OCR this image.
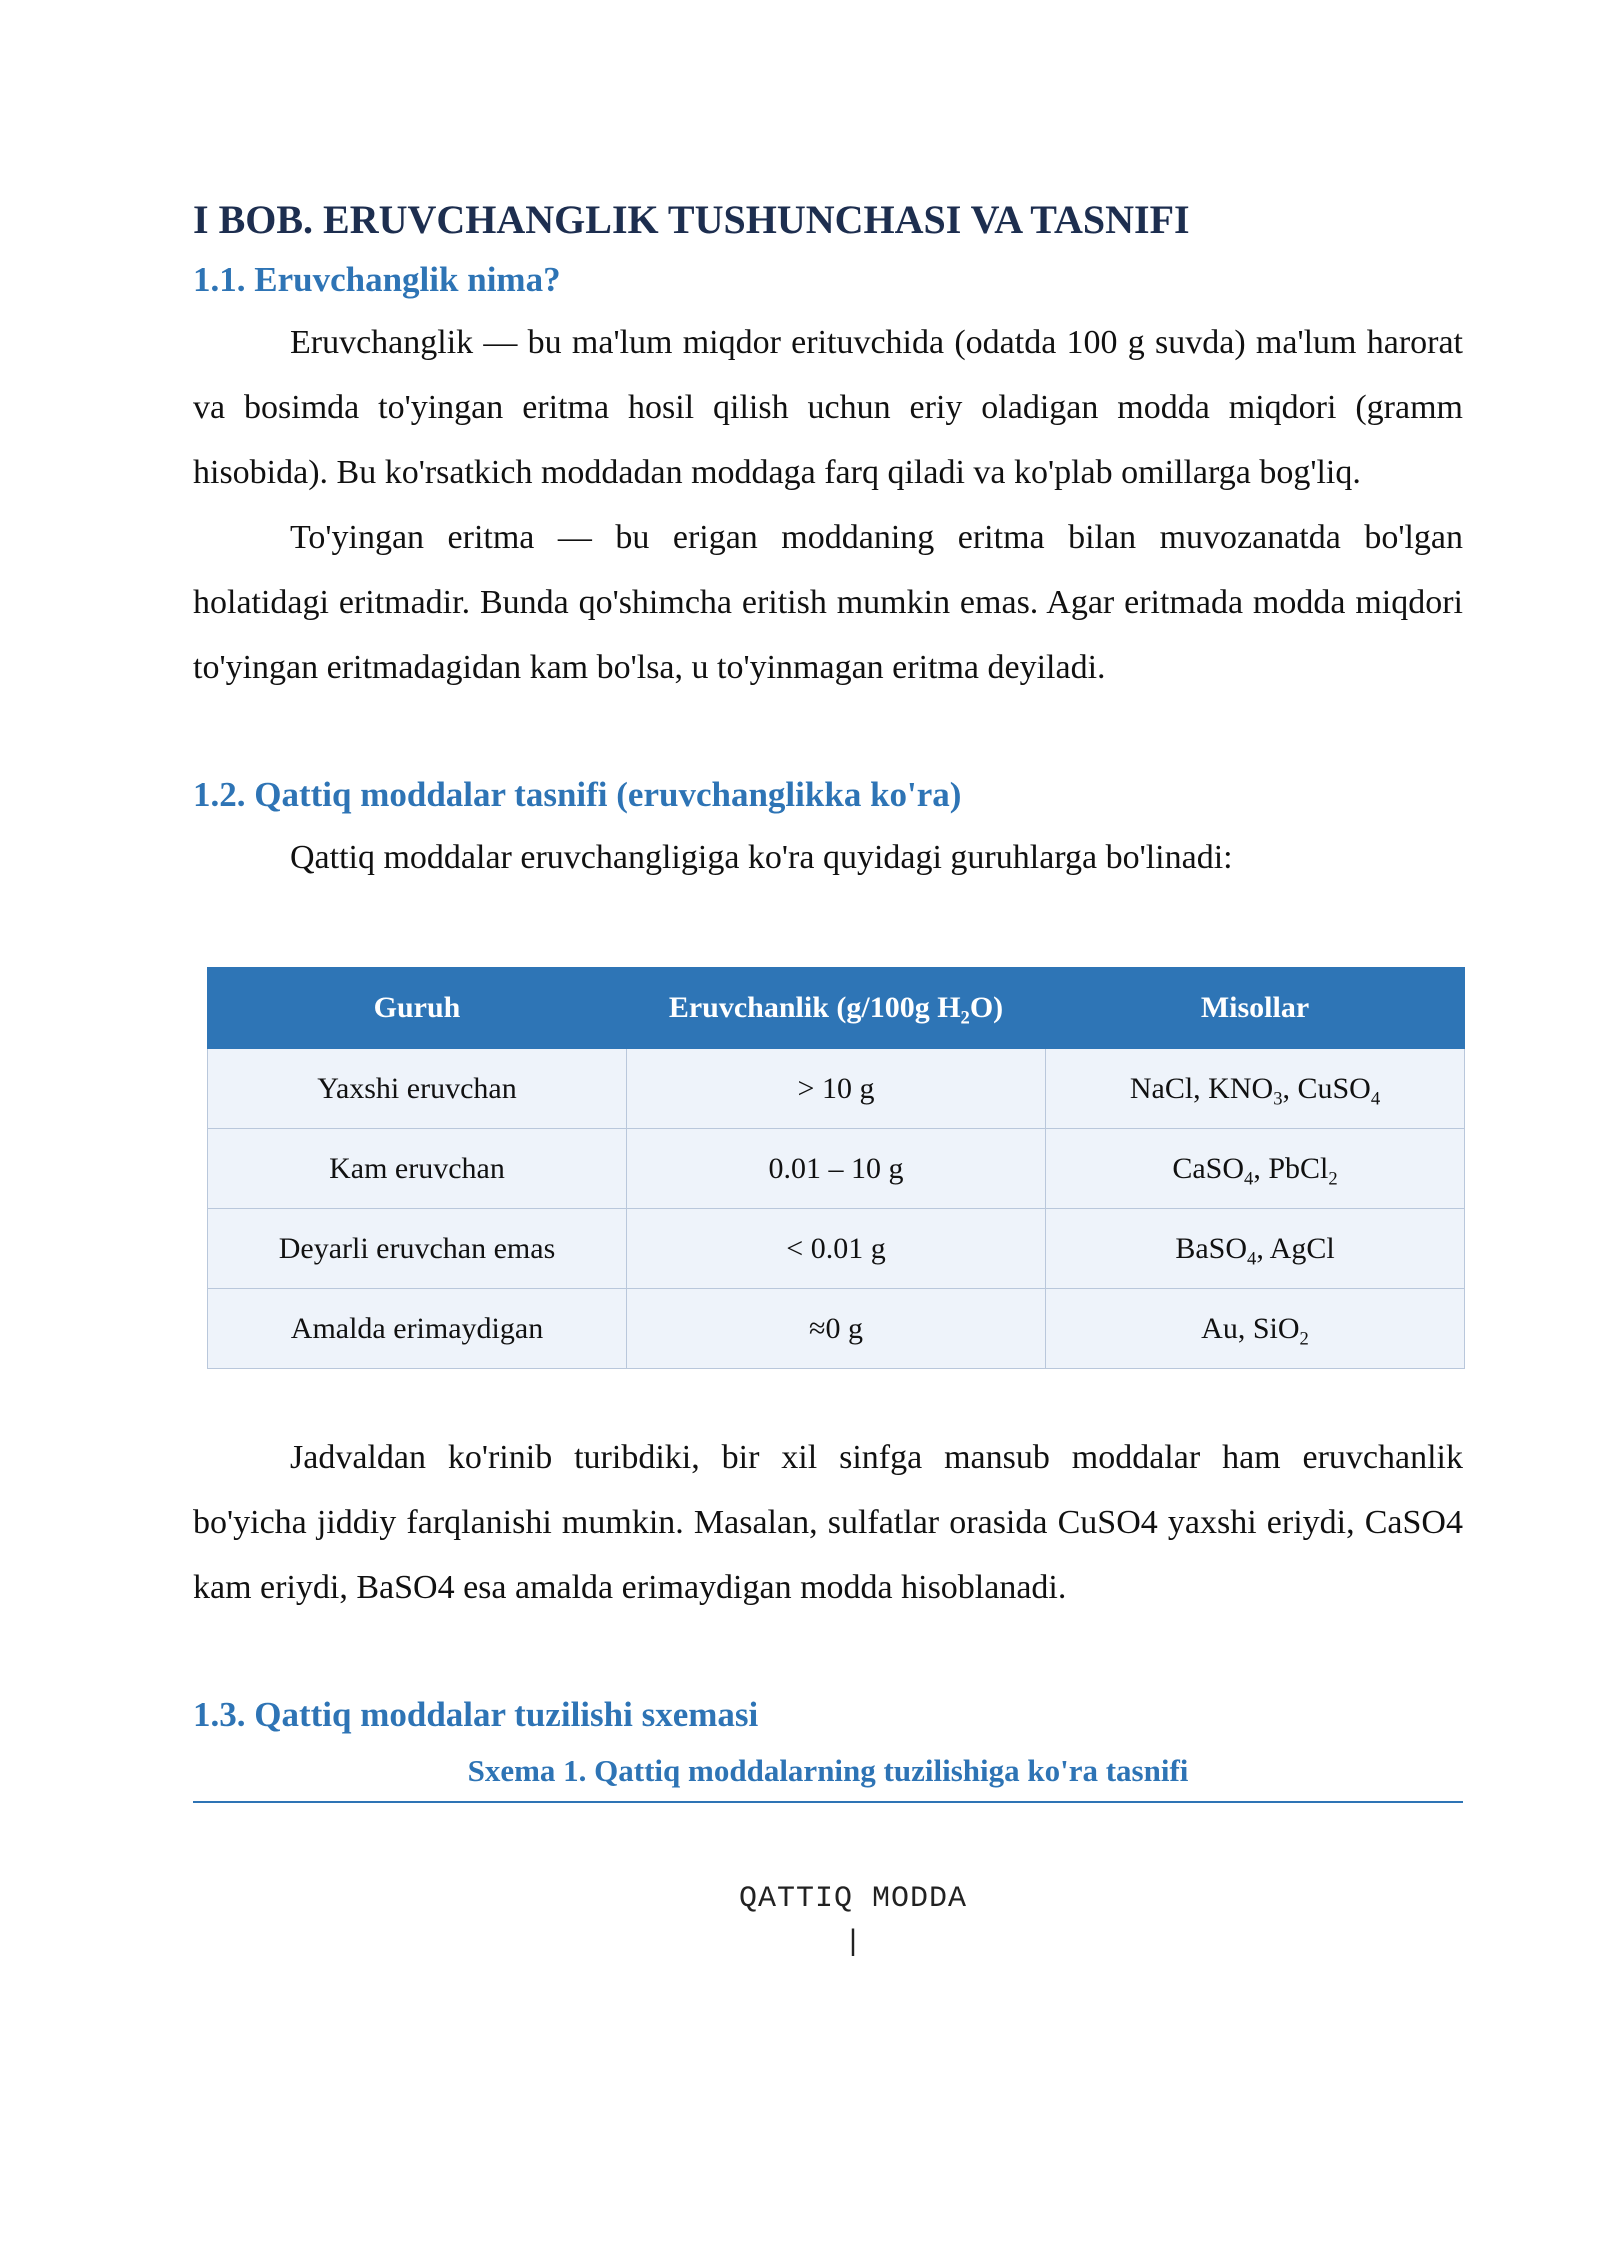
I BOB. ERUVCHANGLIK TUSHUNCHASI VA TASNIFI
1.1. Eruvchanglik nima?

Eruvchanglik — bu ma'lum miqdor erituvchida (odatda 100 g suvda) ma'lum harorat va bosimda to'yingan eritma hosil qilish uchun eriy oladigan modda miqdori (gramm hisobida). Bu ko'rsatkich moddadan moddaga farq qiladi va ko'plab omillarga bog'liq.

To'yingan eritma — bu erigan moddaning eritma bilan muvozanatda bo'lgan holatidagi eritmadir. Bunda qo'shimcha eritish mumkin emas. Agar eritmada modda miqdori to'yingan eritmadagidan kam bo'lsa, u to'yinmagan eritma deyiladi.

1.2. Qattiq moddalar tasnifi (eruvchanglikka ko'ra)

Qattiq moddalar eruvchangligiga ko'ra quyidagi guruhlarga bo'linadi:

Guruh	Eruvchanlik (g/100g $H_2O$)	Misollar
Yaxshi eruvchan	> 10 g	NaCl, $KNO_3$, CuSO$_4$
Kam eruvchan	0.01 – 10 g	CaSO$_4$, PbCl$_2$
Deyarli eruvchan emas	< 0.01 g	BaSO$_4$, AgCl
Amalda erimaydigan	≈0 g	Au, SiO$_2$

Jadvaldan ko'rinib turibdiki, bir xil sinfga mansub moddalar ham eruvchanlik bo'yicha jiddiy farqlanishi mumkin. Masalan, sulfatlar orasida CuSO4 yaxshi eriydi, CaSO4 kam eriydi, BaSO4 esa amalda erimaydigan modda hisoblanadi.

1.3. Qattiq moddalar tuzilishi sxemasi

Sxema 1. Qattiq moddalarning tuzilishiga ko'ra tasnifi

QATTIQ MODDA
|
